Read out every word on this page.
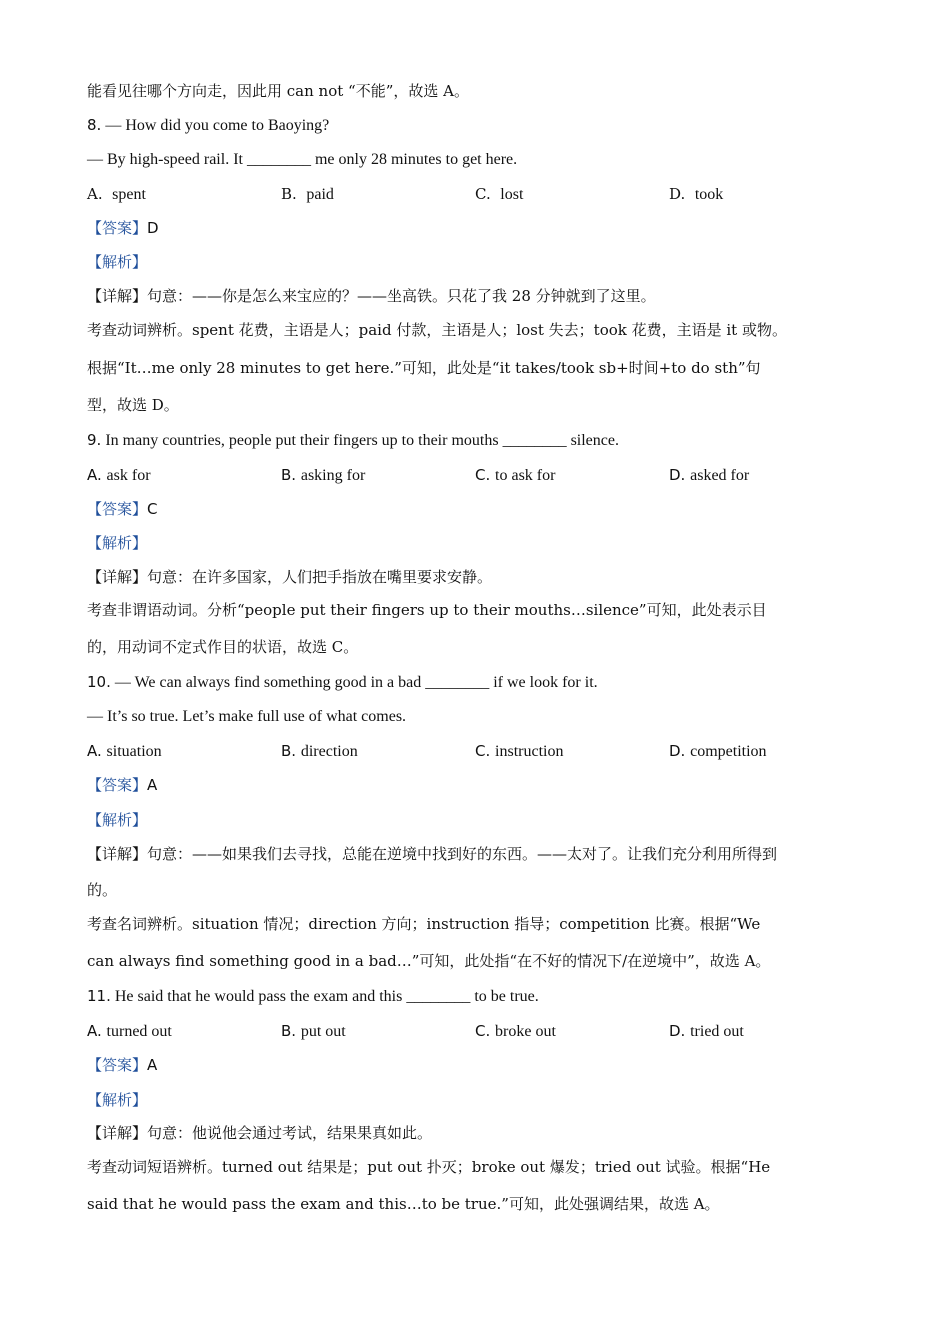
能看见往哪个方向走，因此用 can not “不能”，故选 A。
8. — How did you come to Baoying?
— By high-speed rail. It ________ me only 28 minutes to get here.
A. spent	B. paid	C. lost	D. took
【答案】D
【解析】
【详解】句意：——你是怎么来宝应的？——坐高铁。只花了我 28 分钟就到了这里。
考查动词辨析。spent 花费，主语是人；paid 付款，主语是人；lost 失去；took 花费，主语是 it 或物。
根据“It…me only 28 minutes to get here.”可知，此处是“it takes/took sb+时间+to do sth”句
型，故选 D。
9. In many countries, people put their fingers up to their mouths ________ silence.
A. ask for	B. asking for	C. to ask for	D. asked for
【答案】C
【解析】
【详解】句意：在许多国家，人们把手指放在嘴里要求安静。
考查非谓语动词。分析“people put their fingers up to their mouths…silence”可知，此处表示目
的，用动词不定式作目的状语，故选 C。
10. — We can always find something good in a bad ________ if we look for it.
— It’s so true. Let’s make full use of what comes.
A. situation	B. direction	C. instruction	D. competition
【答案】A
【解析】
【详解】句意：——如果我们去寻找，总能在逆境中找到好的东西。——太对了。让我们充分利用所得到
的。
考查名词辨析。situation 情况；direction 方向；instruction 指导；competition 比赛。根据“We
can always find something good in a bad…”可知，此处指“在不好的情况下/在逆境中”，故选 A。
11. He said that he would pass the exam and this ________ to be true.
A. turned out	B. put out	C. broke out	D. tried out
【答案】A
【解析】
【详解】句意：他说他会通过考试，结果果真如此。
考查动词短语辨析。turned out 结果是；put out 扑灭；broke out 爆发；tried out 试验。根据“He
said that he would pass the exam and this…to be true.”可知，此处强调结果，故选 A。
